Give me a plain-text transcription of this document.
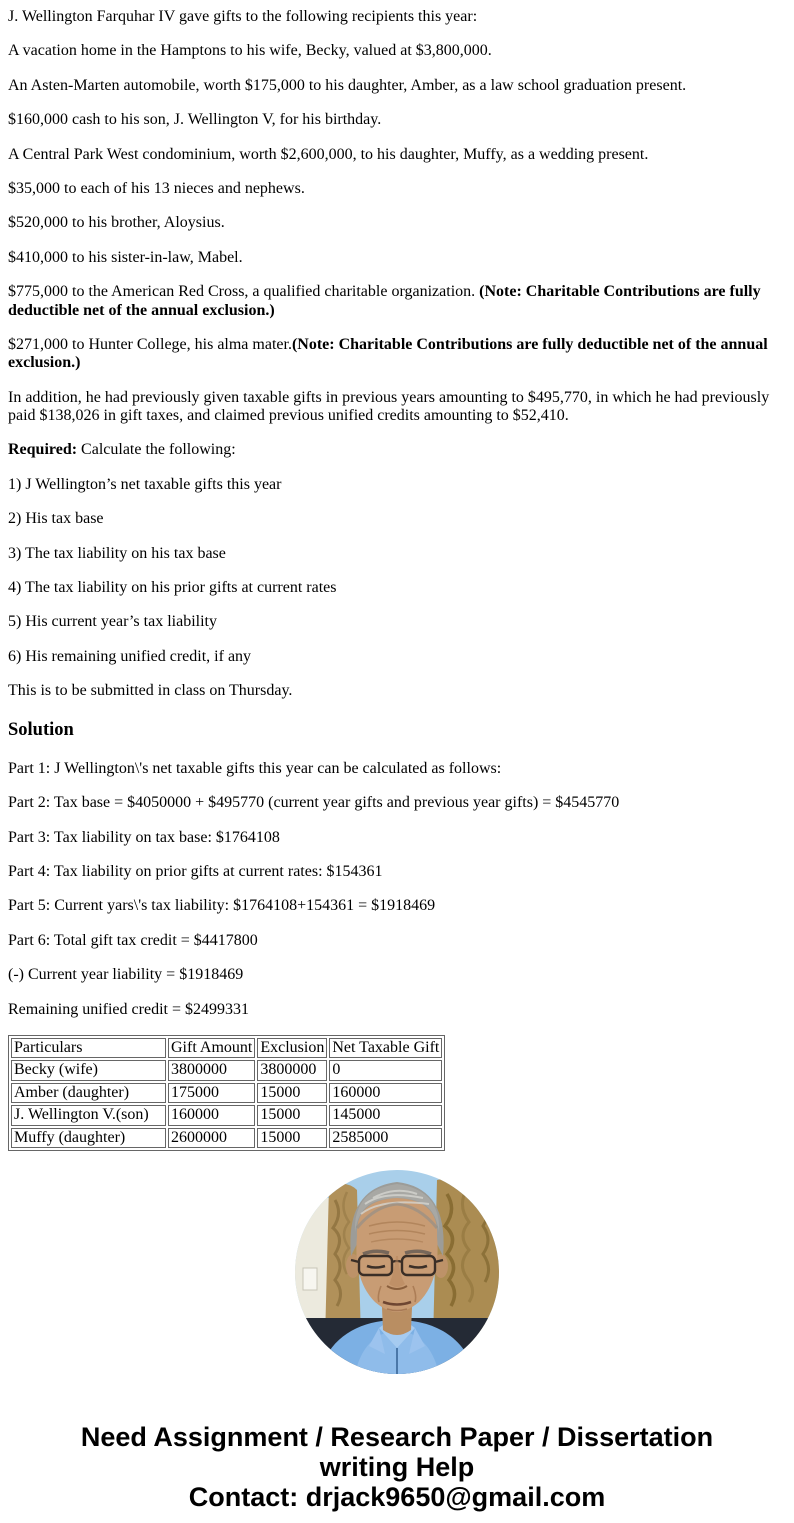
J. Wellington Farquhar IV gave gifts to the following recipients this year:

A vacation home in the Hamptons to his wife, Becky, valued at $3,800,000.

An Asten-Marten automobile, worth $175,000 to his daughter, Amber, as a law school graduation present.

$160,000 cash to his son, J. Wellington V, for his birthday.

A Central Park West condominium, worth $2,600,000, to his daughter, Muffy, as a wedding present.

$35,000 to each of his 13 nieces and nephews.

$520,000 to his brother, Aloysius.

$410,000 to his sister-in-law, Mabel.

$775,000 to the American Red Cross, a qualified charitable organization. (Note: Charitable Contributions are fully deductible net of the annual exclusion.)

$271,000 to Hunter College, his alma mater.(Note: Charitable Contributions are fully deductible net of the annual exclusion.)

In addition, he had previously given taxable gifts in previous years amounting to $495,770, in which he had previously paid $138,026 in gift taxes, and claimed previous unified credits amounting to $52,410.

Required: Calculate the following:

1) J Wellington’s net taxable gifts this year

2) His tax base

3) The tax liability on his tax base

4) The tax liability on his prior gifts at current rates

5) His current year’s tax liability

6) His remaining unified credit, if any

This is to be submitted in class on Thursday.

Solution

Part 1: J Wellington\'s net taxable gifts this year can be calculated as follows:

Part 2: Tax base = $4050000 + $495770 (current year gifts and previous year gifts) = $4545770

Part 3: Tax liability on tax base: $1764108

Part 4: Tax liability on prior gifts at current rates: $154361

Part 5: Current yars\'s tax liability: $1764108+154361 = $1918469

Part 6: Total gift tax credit = $4417800

(-) Current year liability = $1918469

Remaining unified credit = $2499331

Particulars	Gift Amount	Exclusion	Net Taxable Gift
Becky (wife)	3800000	3800000	0
Amber (daughter)	175000	15000	160000
J. Wellington V.(son)	160000	15000	145000
Muffy (daughter)	2600000	15000	2585000
Need Assignment / Research Paper / Dissertation writing Help
Contact: drjack9650@gmail.com
